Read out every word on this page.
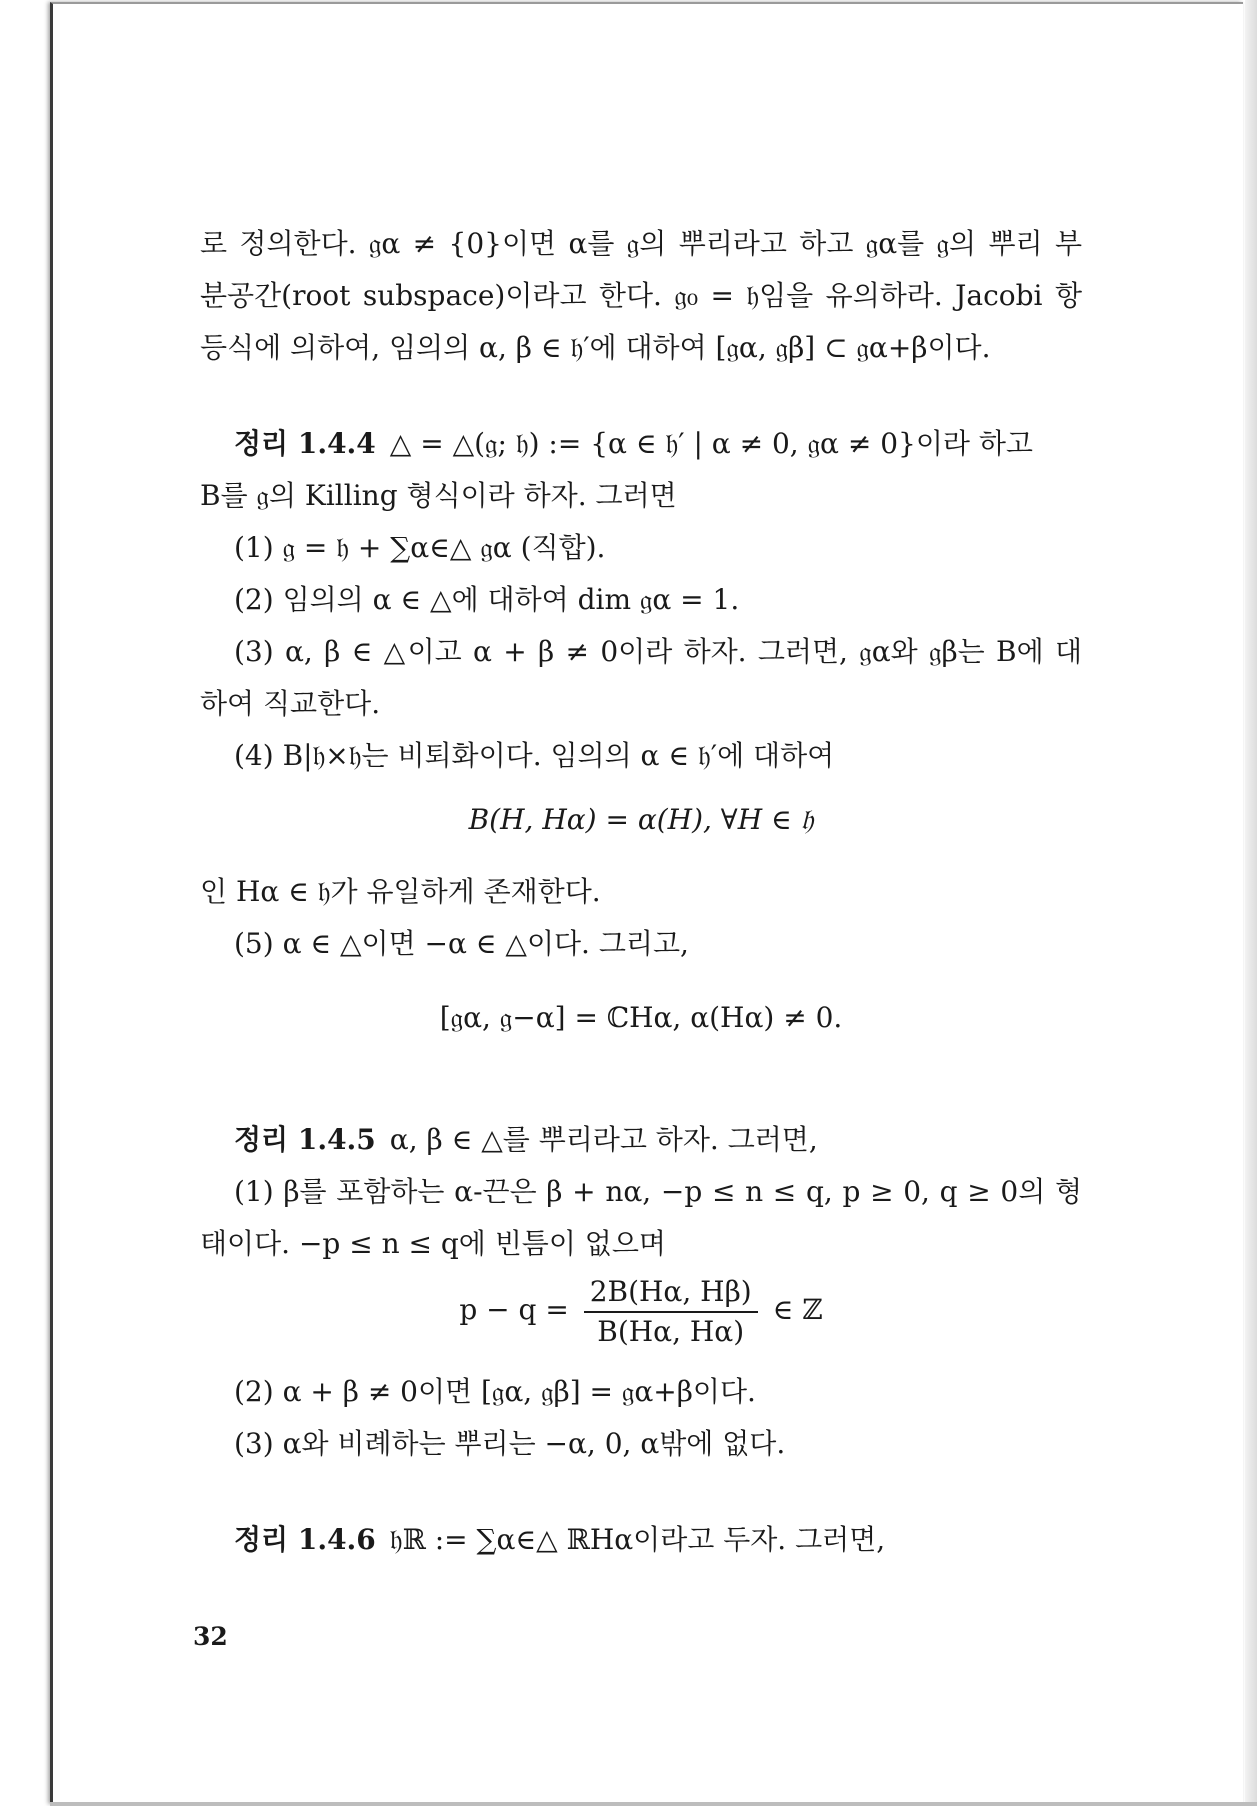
로 정의한다. 𝔤α ≠ {0}이면 α를 𝔤의 뿌리라고 하고 𝔤α를 𝔤의 뿌리 부
분공간(root subspace)이라고 한다. 𝔤₀ = 𝔥임을 유의하라. Jacobi 항
등식에 의하여, 임의의 α, β ∈ 𝔥′에 대하여 [𝔤α, 𝔤β] ⊂ 𝔤α+β이다.
정리 1.4.4 △ = △(𝔤; 𝔥) := {α ∈ 𝔥′ | α ≠ 0, 𝔤α ≠ 0}이라 하고
B를 𝔤의 Killing 형식이라 하자. 그러면
(1) 𝔤 = 𝔥 + ∑α∈△ 𝔤α (직합).
(2) 임의의 α ∈ △에 대하여 dim 𝔤α = 1.
(3) α, β ∈ △이고 α + β ≠ 0이라 하자. 그러면, 𝔤α와 𝔤β는 B에 대
하여 직교한다.
(4) B|𝔥×𝔥는 비퇴화이다. 임의의 α ∈ 𝔥′에 대하여
B(H, Hα) = α(H), ∀H ∈ 𝔥
인 Hα ∈ 𝔥가 유일하게 존재한다.
(5) α ∈ △이면 −α ∈ △이다. 그리고,
[𝔤α, 𝔤−α] = ℂHα, α(Hα) ≠ 0.
정리 1.4.5 α, β ∈ △를 뿌리라고 하자. 그러면,
(1) β를 포함하는 α-끈은 β + nα, −p ≤ n ≤ q, p ≥ 0, q ≥ 0의 형
태이다. −p ≤ n ≤ q에 빈틈이 없으며
$p - q = \frac{2B(H\alpha, H\beta)}{B(H\alpha, H\alpha)}$ ∈ ℤ
(2) α + β ≠ 0이면 [𝔤α, 𝔤β] = 𝔤α+β이다.
(3) α와 비례하는 뿌리는 −α, 0, α밖에 없다.
정리 1.4.6 𝔥ℝ := ∑α∈△ ℝHα이라고 두자. 그러면,
32
